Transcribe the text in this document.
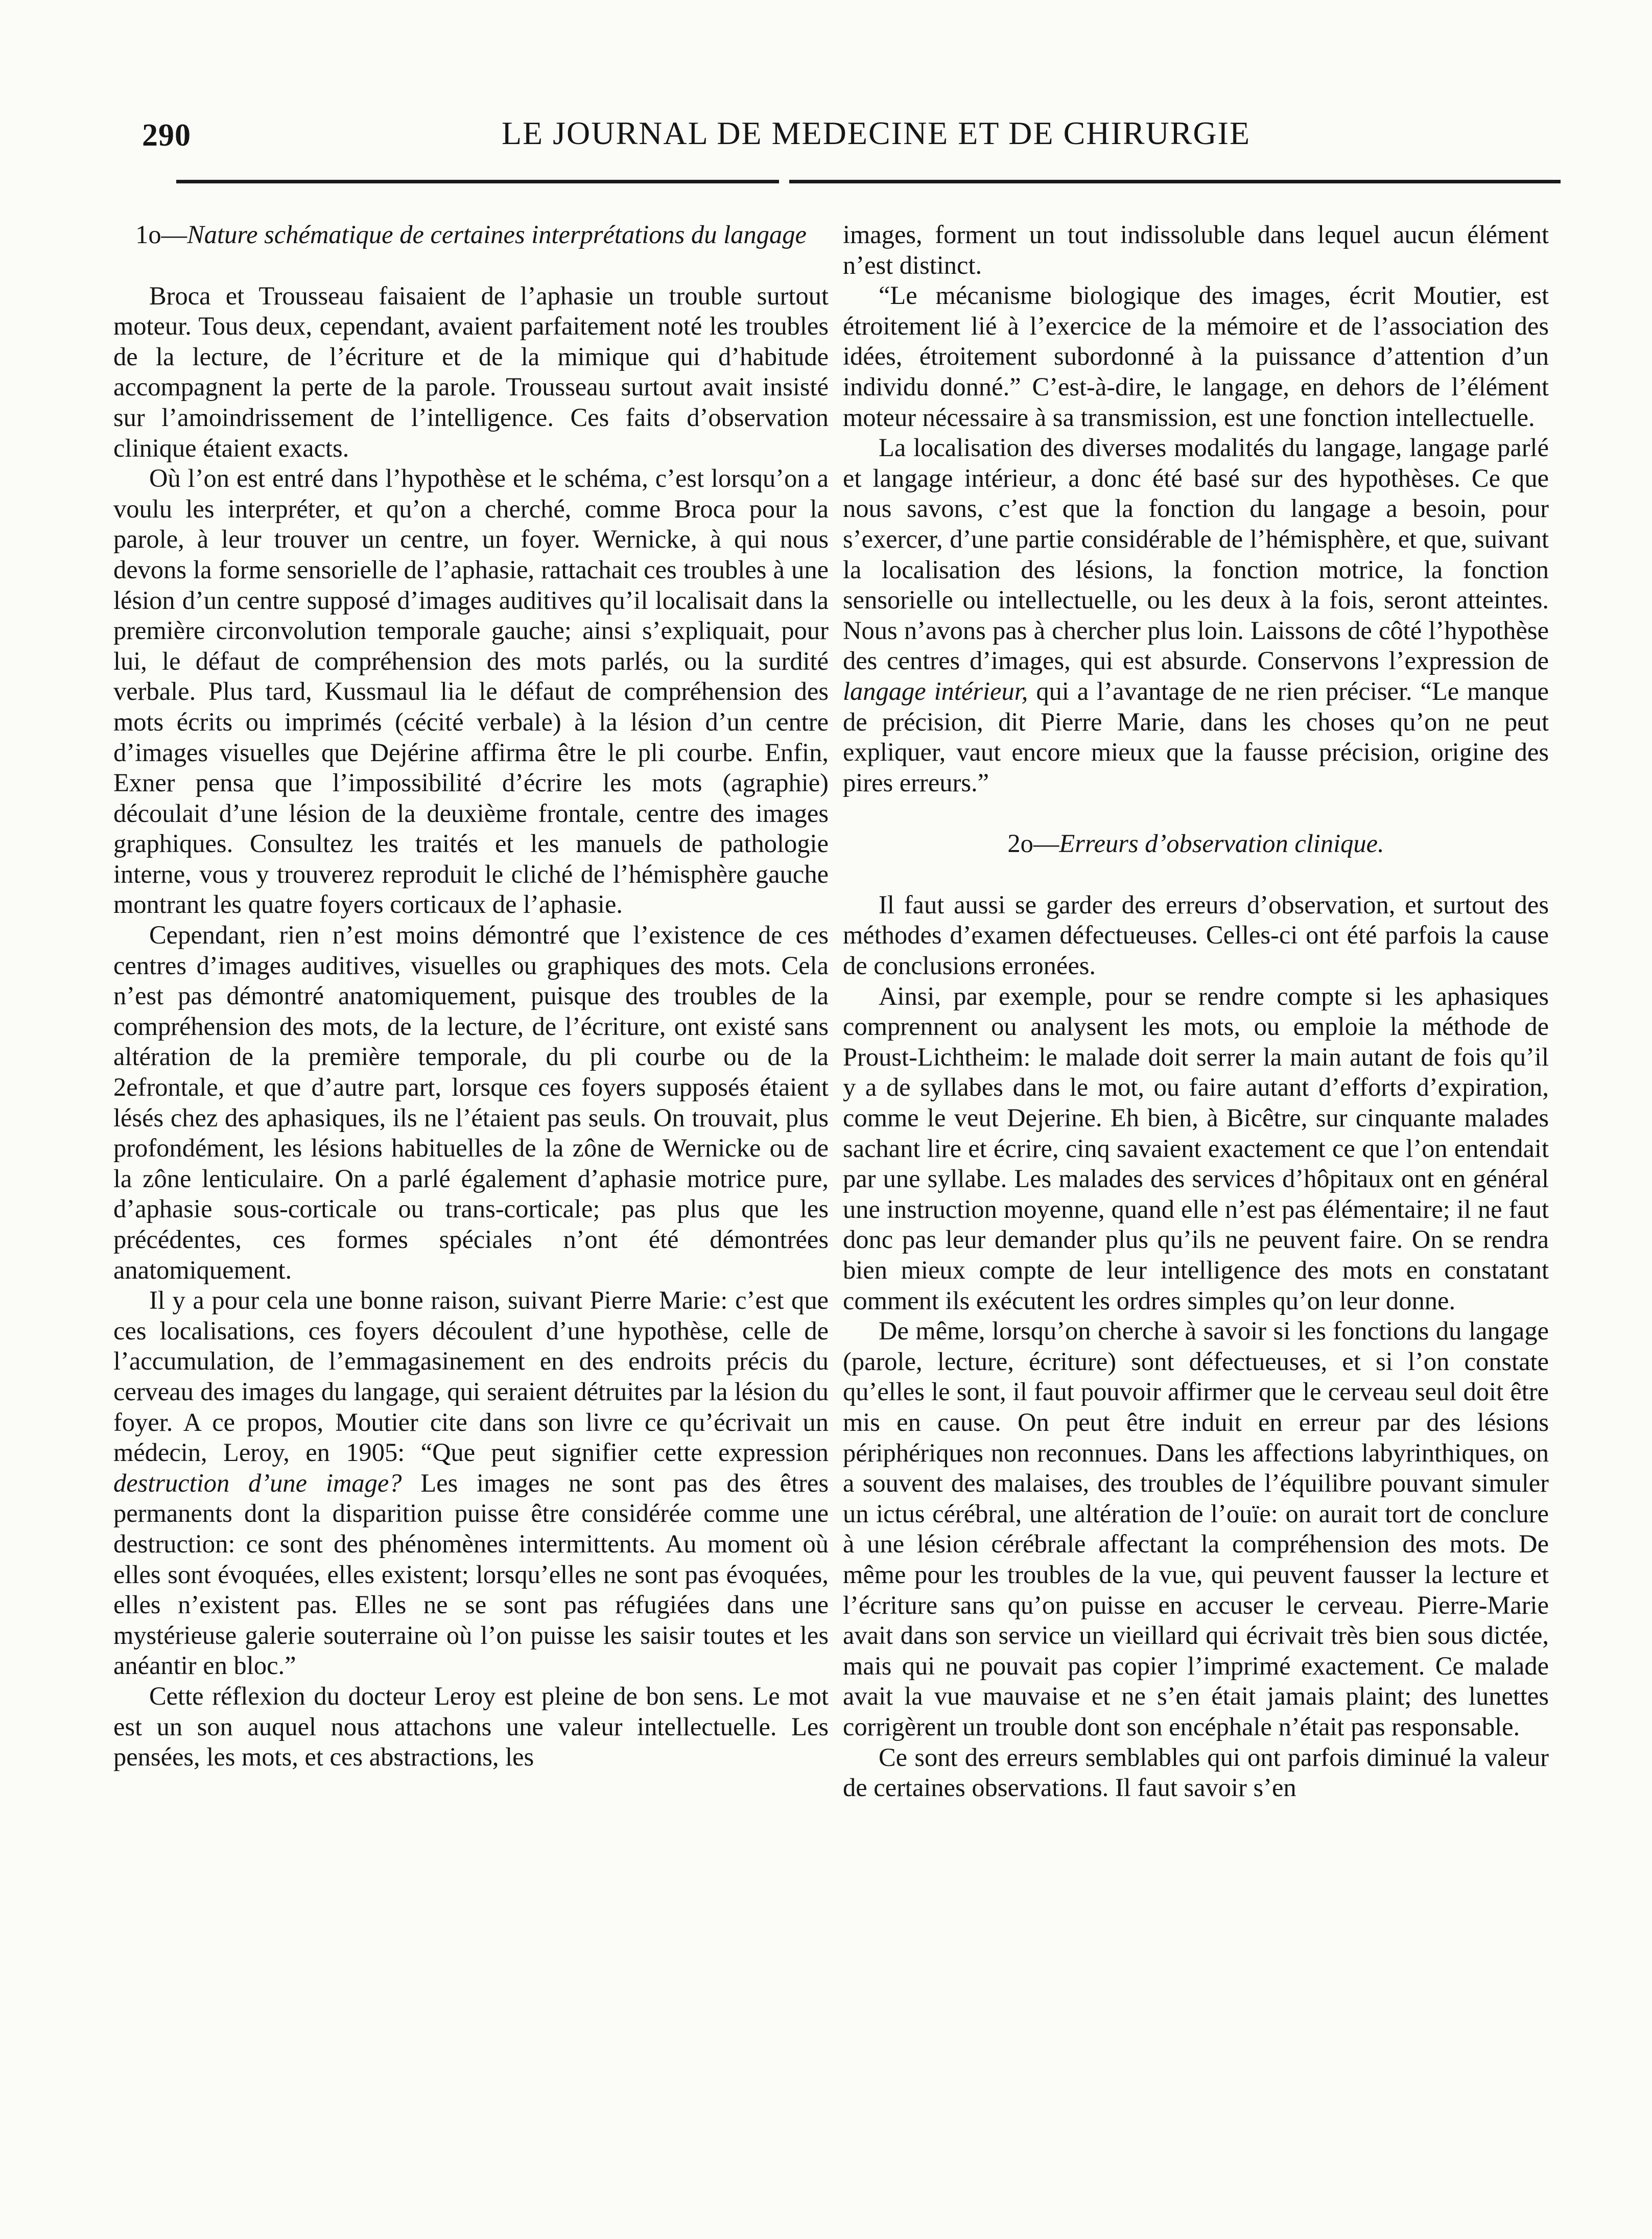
290	LE JOURNAL DE MEDECINE ET DE CHIRURGIE
1o—Nature schématique de certaines interprétations du langage

Broca et Trousseau faisaient de l’aphasie un trouble surtout moteur. Tous deux, cependant, avaient parfaitement noté les troubles de la lecture, de l’écriture et de la mimique qui d’habitude accompagnent la perte de la parole. Trousseau surtout avait insisté sur l’amoindrissement de l’intelligence. Ces faits d’observation clinique étaient exacts.

Où l’on est entré dans l’hypothèse et le schéma, c’est lorsqu’on a voulu les interpréter, et qu’on a cherché, comme Broca pour la parole, à leur trouver un centre, un foyer. Wernicke, à qui nous devons la forme sensorielle de l’aphasie, rattachait ces troubles à une lésion d’un centre supposé d’images auditives qu’il localisait dans la première circonvolution temporale gauche; ainsi s’expliquait, pour lui, le défaut de compréhension des mots parlés, ou la surdité verbale. Plus tard, Kussmaul lia le défaut de compréhension des mots écrits ou imprimés (cécité verbale) à la lésion d’un centre d’images visuelles que Dejérine affirma être le pli courbe. Enfin, Exner pensa que l’impossibilité d’écrire les mots (agraphie) découlait d’une lésion de la deuxième frontale, centre des images graphiques. Consultez les traités et les manuels de pathologie interne, vous y trouverez reproduit le cliché de l’hémisphère gauche montrant les quatre foyers corticaux de l’aphasie.

Cependant, rien n’est moins démontré que l’existence de ces centres d’images auditives, visuelles ou graphiques des mots. Cela n’est pas démontré anatomiquement, puisque des troubles de la compréhension des mots, de la lecture, de l’écriture, ont existé sans altération de la première temporale, du pli courbe ou de la 2efrontale, et que d’autre part, lorsque ces foyers supposés étaient lésés chez des aphasiques, ils ne l’étaient pas seuls. On trouvait, plus profondément, les lésions habituelles de la zône de Wernicke ou de la zône lenticulaire. On a parlé également d’aphasie motrice pure, d’aphasie sous-corticale ou trans-corticale; pas plus que les précédentes, ces formes spéciales n’ont été démontrées anatomiquement.

Il y a pour cela une bonne raison, suivant Pierre Marie: c’est que ces localisations, ces foyers découlent d’une hypothèse, celle de l’accumulation, de l’emmagasinement en des endroits précis du cerveau des images du langage, qui seraient détruites par la lésion du foyer. A ce propos, Moutier cite dans son livre ce qu’écrivait un médecin, Leroy, en 1905: “Que peut signifier cette expression destruction d’une image? Les images ne sont pas des êtres permanents dont la disparition puisse être considérée comme une destruction: ce sont des phénomènes intermittents. Au moment où elles sont évoquées, elles existent; lorsqu’elles ne sont pas évoquées, elles n’existent pas. Elles ne se sont pas réfugiées dans une mystérieuse galerie souterraine où l’on puisse les saisir toutes et les anéantir en bloc.”

Cette réflexion du docteur Leroy est pleine de bon sens. Le mot est un son auquel nous attachons une valeur intellectuelle. Les pensées, les mots, et ces abstractions, les

images, forment un tout indissoluble dans lequel aucun élément n’est distinct.

“Le mécanisme biologique des images, écrit Moutier, est étroitement lié à l’exercice de la mémoire et de l’association des idées, étroitement subordonné à la puissance d’attention d’un individu donné.” C’est-à-dire, le langage, en dehors de l’élément moteur nécessaire à sa transmission, est une fonction intellectuelle.

La localisation des diverses modalités du langage, langage parlé et langage intérieur, a donc été basé sur des hypothèses. Ce que nous savons, c’est que la fonction du langage a besoin, pour s’exercer, d’une partie considérable de l’hémisphère, et que, suivant la localisation des lésions, la fonction motrice, la fonction sensorielle ou intellectuelle, ou les deux à la fois, seront atteintes. Nous n’avons pas à chercher plus loin. Laissons de côté l’hypothèse des centres d’images, qui est absurde. Conservons l’expression de langage intérieur, qui a l’avantage de ne rien préciser. “Le manque de précision, dit Pierre Marie, dans les choses qu’on ne peut expliquer, vaut encore mieux que la fausse précision, origine des pires erreurs.”

2o—Erreurs d’observation clinique.

Il faut aussi se garder des erreurs d’observation, et surtout des méthodes d’examen défectueuses. Celles-ci ont été parfois la cause de conclusions erronées.

Ainsi, par exemple, pour se rendre compte si les aphasiques comprennent ou analysent les mots, ou emploie la méthode de Proust-Lichtheim: le malade doit serrer la main autant de fois qu’il y a de syllabes dans le mot, ou faire autant d’efforts d’expiration, comme le veut Dejerine. Eh bien, à Bicêtre, sur cinquante malades sachant lire et écrire, cinq savaient exactement ce que l’on entendait par une syllabe. Les malades des services d’hôpitaux ont en général une instruction moyenne, quand elle n’est pas élémentaire; il ne faut donc pas leur demander plus qu’ils ne peuvent faire. On se rendra bien mieux compte de leur intelligence des mots en constatant comment ils exécutent les ordres simples qu’on leur donne.

De même, lorsqu’on cherche à savoir si les fonctions du langage (parole, lecture, écriture) sont défectueuses, et si l’on constate qu’elles le sont, il faut pouvoir affirmer que le cerveau seul doit être mis en cause. On peut être induit en erreur par des lésions périphériques non reconnues. Dans les affections labyrinthiques, on a souvent des malaises, des troubles de l’équilibre pouvant simuler un ictus cérébral, une altération de l’ouïe: on aurait tort de conclure à une lésion cérébrale affectant la compréhension des mots. De même pour les troubles de la vue, qui peuvent fausser la lecture et l’écriture sans qu’on puisse en accuser le cerveau. Pierre-Marie avait dans son service un vieillard qui écrivait très bien sous dictée, mais qui ne pouvait pas copier l’imprimé exactement. Ce malade avait la vue mauvaise et ne s’en était jamais plaint; des lunettes corrigèrent un trouble dont son encéphale n’était pas responsable.

Ce sont des erreurs semblables qui ont parfois diminué la valeur de certaines observations. Il faut savoir s’en
